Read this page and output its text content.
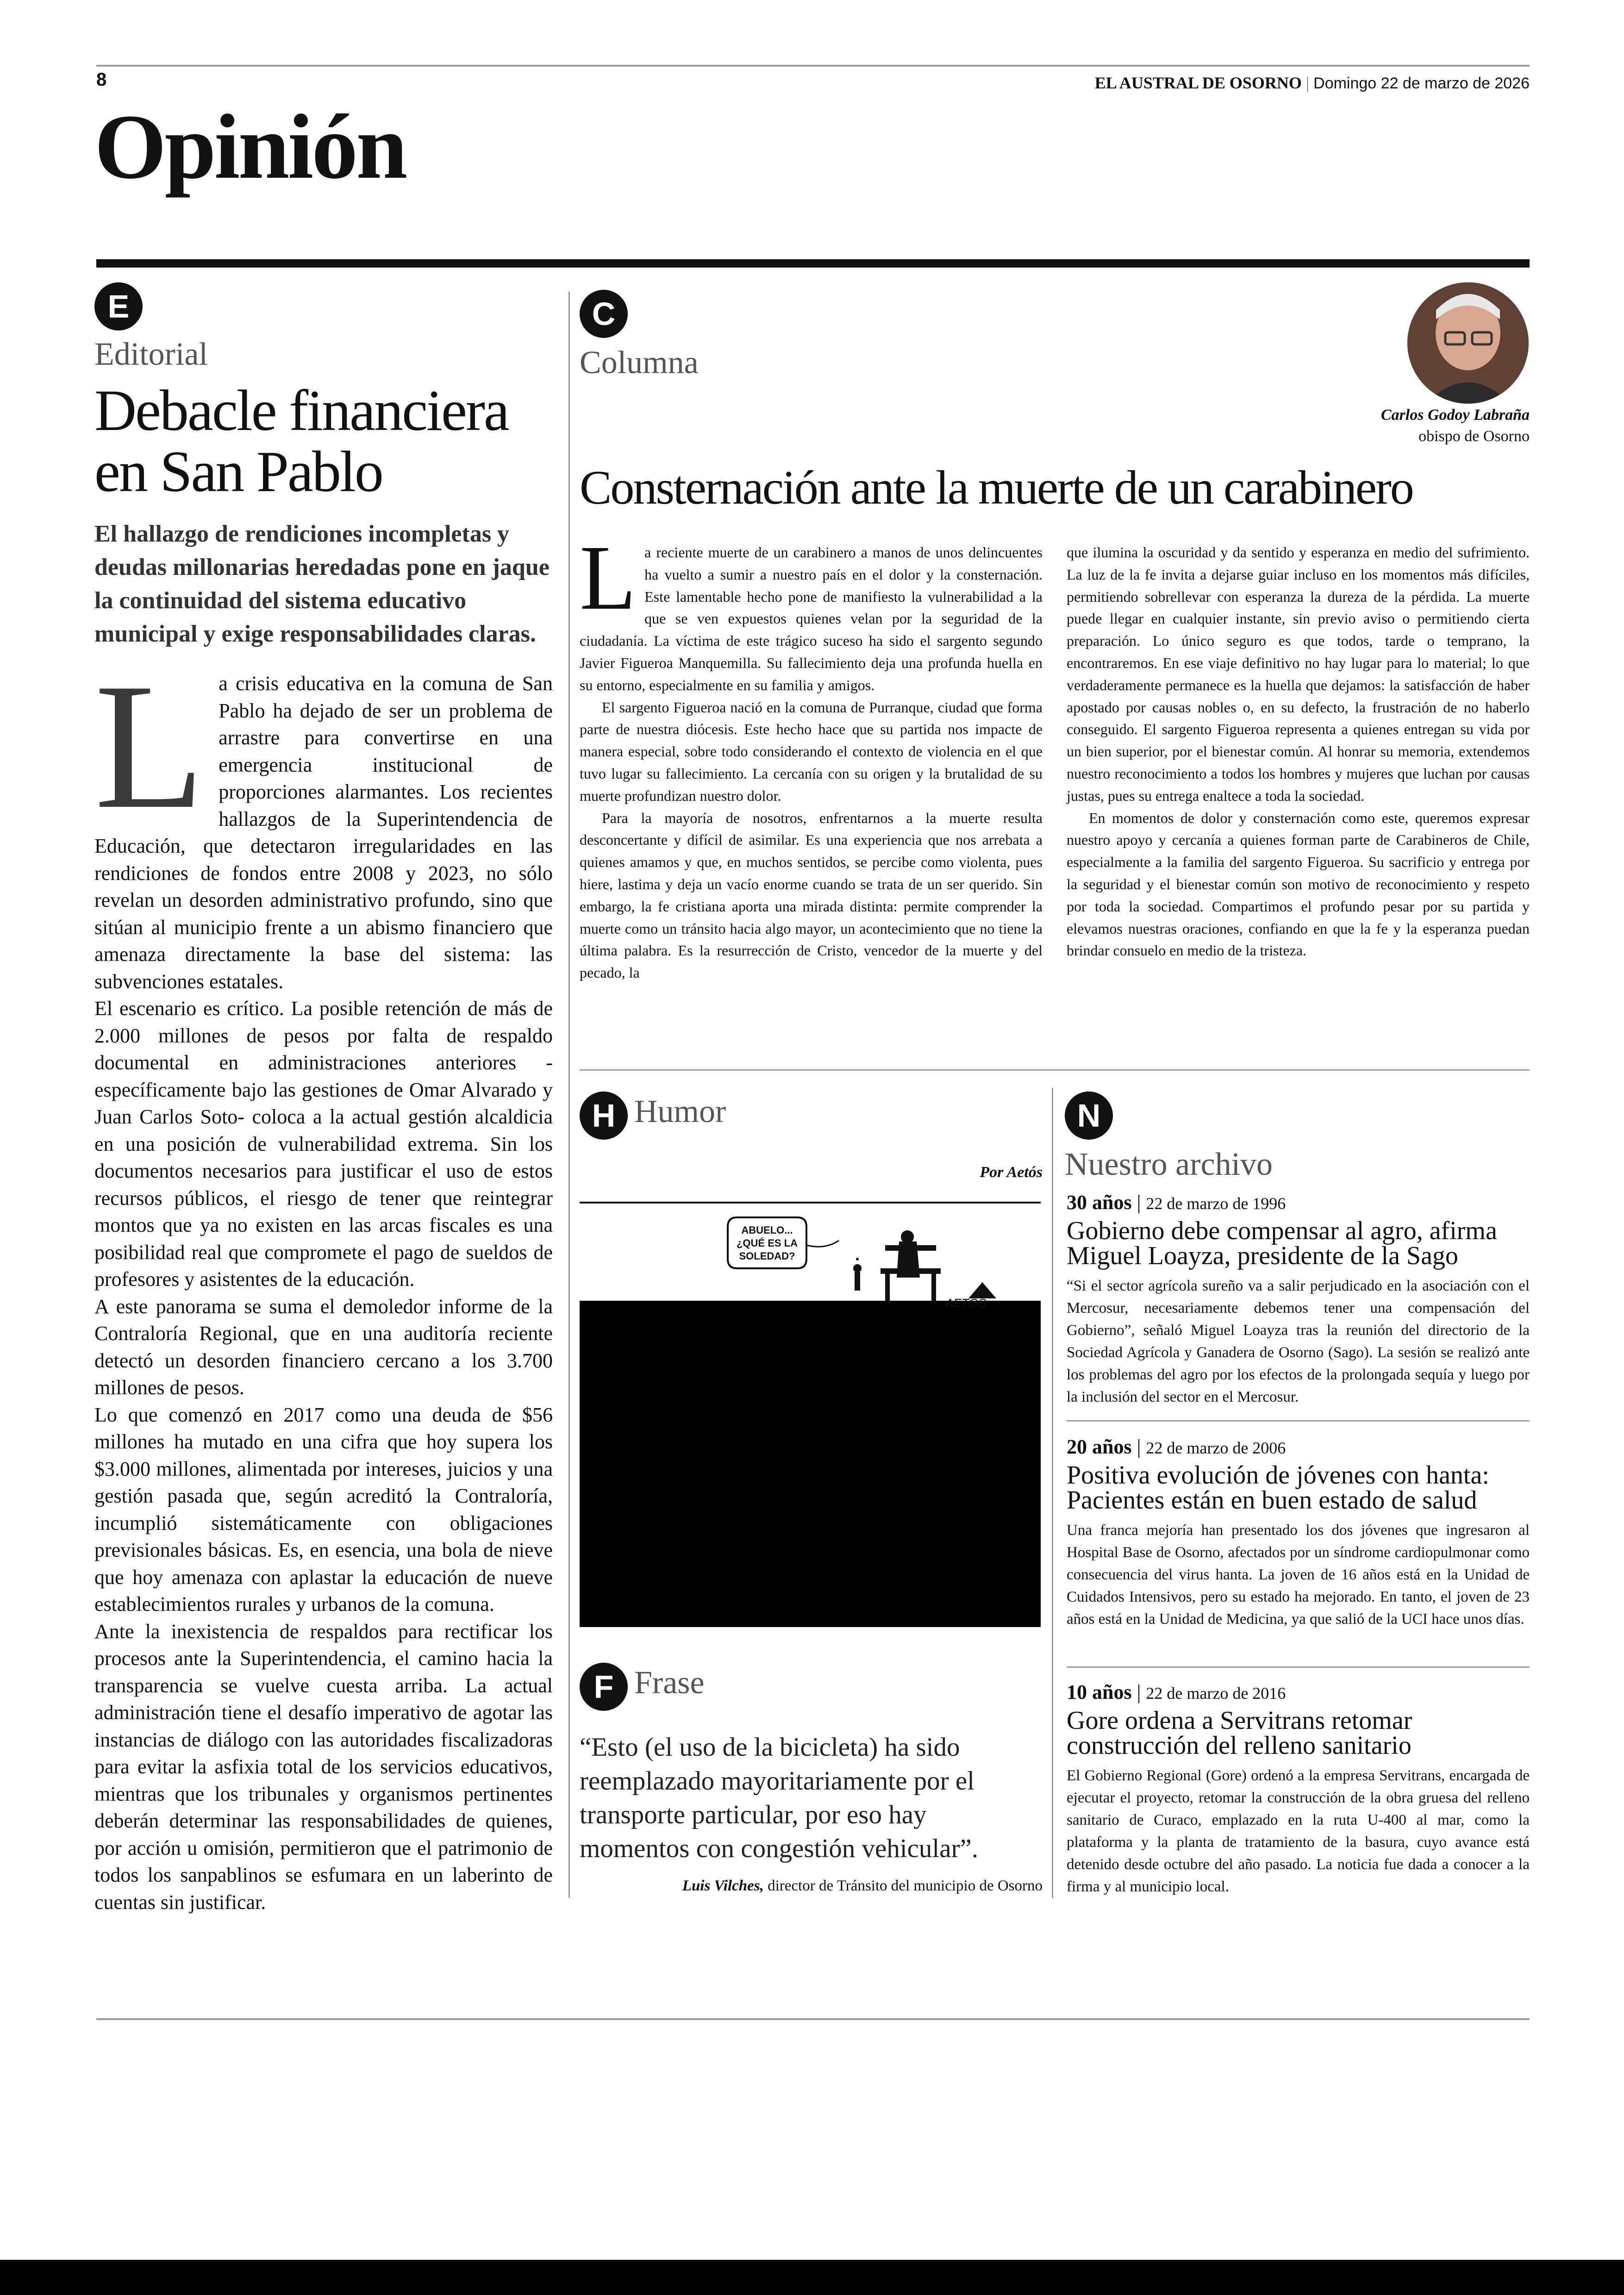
8	EL AUSTRAL DE OSORNO | Domingo 22 de marzo de 2026
Opinión
E
Editorial
Debacle financiera en San Pablo
El hallazgo de rendiciones incompletas y deudas millonarias heredadas pone en jaque la continuidad del sistema educativo municipal y exige responsabilidades claras.
L a crisis educativa en la comuna de San Pablo ha dejado de ser un problema de arrastre para convertirse en una emergencia institucional de proporciones alarmantes. Los recientes hallazgos de la Superintendencia de Educación, que detectaron irregularidades en las rendiciones de fondos entre 2008 y 2023, no sólo revelan un desorden administrativo profundo, sino que sitúan al municipio frente a un abismo financiero que amenaza directamente la base del sistema: las subvenciones estatales.

El escenario es crítico. La posible retención de más de 2.000 millones de pesos por falta de respaldo documental en administraciones anteriores -específicamente bajo las gestiones de Omar Alvarado y Juan Carlos Soto- coloca a la actual gestión alcaldicia en una posición de vulnerabilidad extrema. Sin los documentos necesarios para justificar el uso de estos recursos públicos, el riesgo de tener que reintegrar montos que ya no existen en las arcas fiscales es una posibilidad real que compromete el pago de sueldos de profesores y asistentes de la educación.

A este panorama se suma el demoledor informe de la Contraloría Regional, que en una auditoría reciente detectó un desorden financiero cercano a los 3.700 millones de pesos.

Lo que comenzó en 2017 como una deuda de $56 millones ha mutado en una cifra que hoy supera los $3.000 millones, alimentada por intereses, juicios y una gestión pasada que, según acreditó la Contraloría, incumplió sistemáticamente con obligaciones previsionales básicas. Es, en esencia, una bola de nieve que hoy amenaza con aplastar la educación de nueve establecimientos rurales y urbanos de la comuna.

Ante la inexistencia de respaldos para rectificar los procesos ante la Superintendencia, el camino hacia la transparencia se vuelve cuesta arriba. La actual administración tiene el desafío imperativo de agotar las instancias de diálogo con las autoridades fiscalizadoras para evitar la asfixia total de los servicios educativos, mientras que los tribunales y organismos pertinentes deberán determinar las responsabilidades de quienes, por acción u omisión, permitieron que el patrimonio de todos los sanpablinos se esfumara en un laberinto de cuentas sin justificar.

C
Columna
Carlos Godoy Labraña
obispo de Osorno
Consternación ante la muerte de un carabinero
L a reciente muerte de un carabinero a manos de unos delincuentes ha vuelto a sumir a nuestro país en el dolor y la consternación. Este lamentable hecho pone de manifiesto la vulnerabilidad a la que se ven expuestos quienes velan por la seguridad de la ciudadanía. La víctima de este trágico suceso ha sido el sargento segundo Javier Figueroa Manquemilla. Su fallecimiento deja una profunda huella en su entorno, especialmente en su familia y amigos.

El sargento Figueroa nació en la comuna de Purranque, ciudad que forma parte de nuestra diócesis. Este hecho hace que su partida nos impacte de manera especial, sobre todo considerando el contexto de violencia en el que tuvo lugar su fallecimiento. La cercanía con su origen y la brutalidad de su muerte profundizan nuestro dolor.

Para la mayoría de nosotros, enfrentarnos a la muerte resulta desconcertante y difícil de asimilar. Es una experiencia que nos arrebata a quienes amamos y que, en muchos sentidos, se percibe como violenta, pues hiere, lastima y deja un vacío enorme cuando se trata de un ser querido. Sin embargo, la fe cristiana aporta una mirada distinta: permite comprender la muerte como un tránsito hacia algo mayor, un acontecimiento que no tiene la última palabra. Es la resurrección de Cristo, vencedor de la muerte y del pecado, la

que ilumina la oscuridad y da sentido y esperanza en medio del sufrimiento. La luz de la fe invita a dejarse guiar incluso en los momentos más difíciles, permitiendo sobrellevar con esperanza la dureza de la pérdida. La muerte puede llegar en cualquier instante, sin previo aviso o permitiendo cierta preparación. Lo único seguro es que todos, tarde o temprano, la encontraremos. En ese viaje definitivo no hay lugar para lo material; lo que verdaderamente permanece es la huella que dejamos: la satisfacción de haber apostado por causas nobles o, en su defecto, la frustración de no haberlo conseguido. El sargento Figueroa representa a quienes entregan su vida por un bien superior, por el bienestar común. Al honrar su memoria, extendemos nuestro reconocimiento a todos los hombres y mujeres que luchan por causas justas, pues su entrega enaltece a toda la sociedad.

En momentos de dolor y consternación como este, queremos expresar nuestro apoyo y cercanía a quienes forman parte de Carabineros de Chile, especialmente a la familia del sargento Figueroa. Su sacrificio y entrega por la seguridad y el bienestar común son motivo de reconocimiento y respeto por toda la sociedad. Compartimos el profundo pesar por su partida y elevamos nuestras oraciones, confiando en que la fe y la esperanza puedan brindar consuelo en medio de la tristeza.

H Humor
Por Aetós
ABUELO...
¿QUÉ ES LA
SOLEDAD?
AETÓS
F Frase
“Esto (el uso de la bicicleta) ha sido reemplazado mayoritariamente por el transporte particular, por eso hay momentos con congestión vehicular”.
Luis Vilches, director de Tránsito del municipio de Osorno
N
Nuestro archivo
30 años | 22 de marzo de 1996
Gobierno debe compensar al agro, afirma Miguel Loayza, presidente de la Sago
“Si el sector agrícola sureño va a salir perjudicado en la asociación con el Mercosur, necesariamente debemos tener una compensación del Gobierno”, señaló Miguel Loayza tras la reunión del directorio de la Sociedad Agrícola y Ganadera de Osorno (Sago). La sesión se realizó ante los problemas del agro por los efectos de la prolongada sequía y luego por la inclusión del sector en el Mercosur.
20 años | 22 de marzo de 2006
Positiva evolución de jóvenes con hanta: Pacientes están en buen estado de salud
Una franca mejoría han presentado los dos jóvenes que ingresaron al Hospital Base de Osorno, afectados por un síndrome cardiopulmonar como consecuencia del virus hanta. La joven de 16 años está en la Unidad de Cuidados Intensivos, pero su estado ha mejorado. En tanto, el joven de 23 años está en la Unidad de Medicina, ya que salió de la UCI hace unos días.
10 años | 22 de marzo de 2016
Gore ordena a Servitrans retomar construcción del relleno sanitario
El Gobierno Regional (Gore) ordenó a la empresa Servitrans, encargada de ejecutar el proyecto, retomar la construcción de la obra gruesa del relleno sanitario de Curaco, emplazado en la ruta U-400 al mar, como la plataforma y la planta de tratamiento de la basura, cuyo avance está detenido desde octubre del año pasado. La noticia fue dada a conocer a la firma y al municipio local.
